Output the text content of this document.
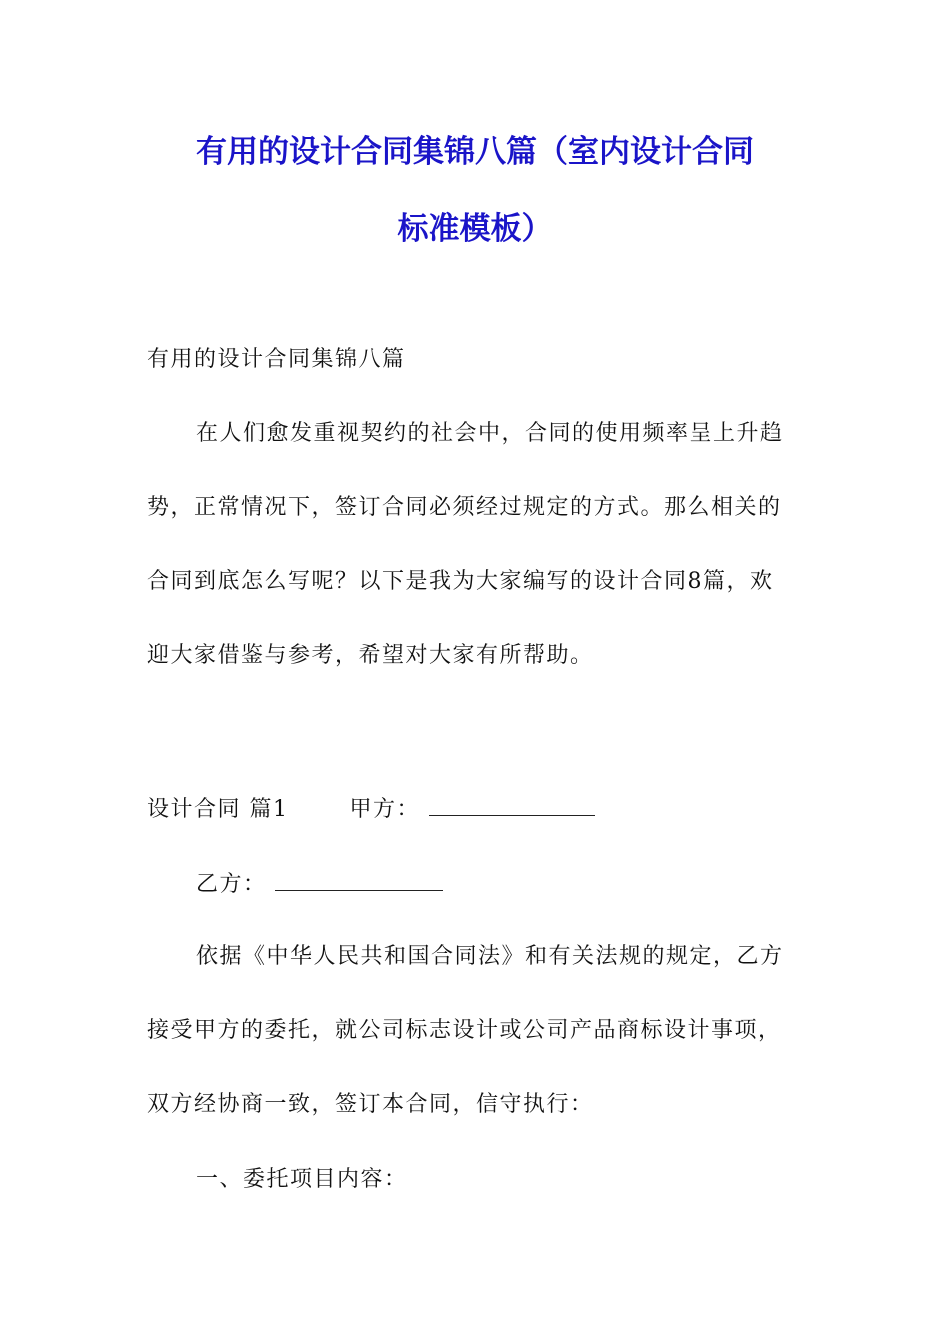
有用的设计合同集锦八篇（室内设计合同
标准模板）
有用的设计合同集锦八篇
在人们愈发重视契约的社会中，合同的使用频率呈上升趋
势，正常情况下，签订合同必须经过规定的方式。那么相关的
合同到底怎么写呢？以下是我为大家编写的设计合同8篇，欢
迎大家借鉴与参考，希望对大家有所帮助。
设计合同 篇1	甲方：
乙方：
依据《中华人民共和国合同法》和有关法规的规定，乙方
接受甲方的委托，就公司标志设计或公司产品商标设计事项，
双方经协商一致，签订本合同，信守执行：
一、委托项目内容：
